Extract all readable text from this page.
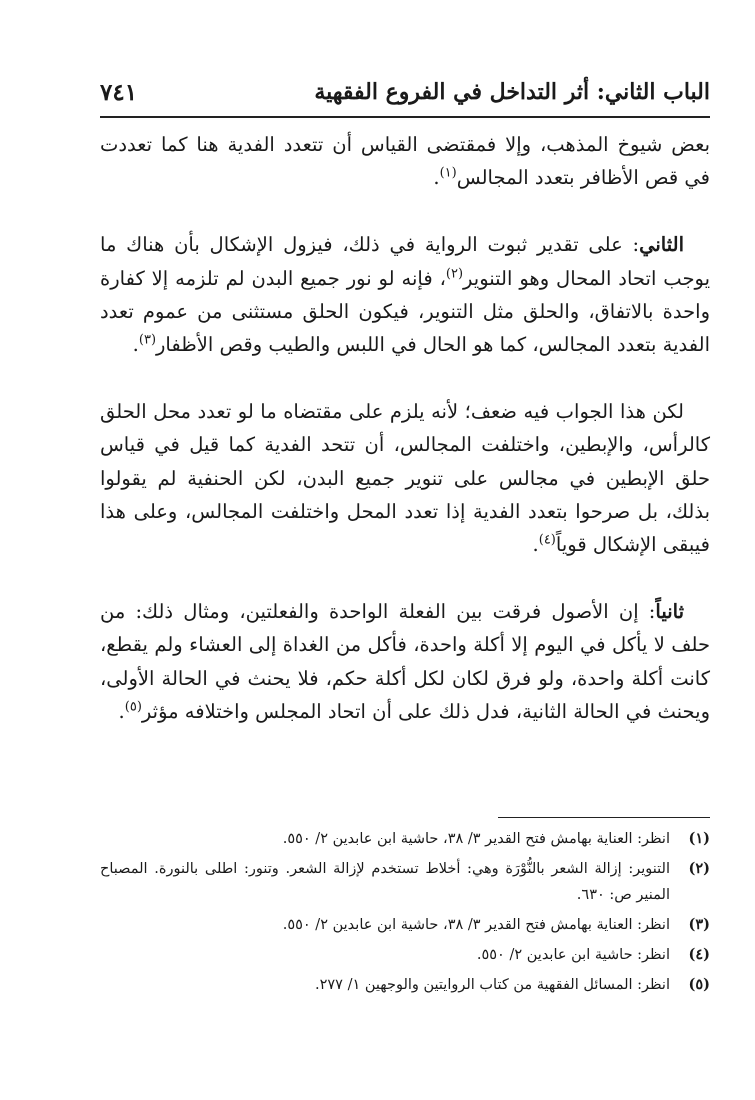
الباب الثاني: أثر التداخل في الفروع الفقهية
٧٤١

بعض شيوخ المذهب، وإلا فمقتضى القياس أن تتعدد الفدية هنا كما تعددت في قص الأظافر بتعدد المجالس$^{(١)}$.

الثاني: على تقدير ثبوت الرواية في ذلك، فيزول الإشكال بأن هناك ما يوجب اتحاد المحال وهو التنوير$^{(٢)}$، فإنه لو نور جميع البدن لم تلزمه إلا كفارة واحدة بالاتفاق، والحلق مثل التنوير، فيكون الحلق مستثنى من عموم تعدد الفدية بتعدد المجالس، كما هو الحال في اللبس والطيب وقص الأظفار$^{(٣)}$.

لكن هذا الجواب فيه ضعف؛ لأنه يلزم على مقتضاه ما لو تعدد محل الحلق كالرأس، والإبطين، واختلفت المجالس، أن تتحد الفدية كما قيل في قياس حلق الإبطين في مجالس على تنوير جميع البدن، لكن الحنفية لم يقولوا بذلك، بل صرحوا بتعدد الفدية إذا تعدد المحل واختلفت المجالس، وعلى هذا فيبقى الإشكال قوياً$^{(٤)}$.

ثانياً: إن الأصول فرقت بين الفعلة الواحدة والفعلتين، ومثال ذلك: من حلف لا يأكل في اليوم إلا أكلة واحدة، فأكل من الغداة إلى العشاء ولم يقطع، كانت أكلة واحدة، ولو فرق لكان لكل أكلة حكم، فلا يحنث في الحالة الأولى، ويحنث في الحالة الثانية، فدل ذلك على أن اتحاد المجلس واختلافه مؤثر$^{(٥)}$.

(١)
انظر: العناية بهامش فتح القدير ٣/ ٣٨، حاشية ابن عابدين ٢/ ٥٥٠.
(٢)
التنوير: إزالة الشعر بالنُّوْرَة وهي: أخلاط تستخدم لإزالة الشعر. وتنور: اطلى بالنورة. المصباح المنير ص: ٦٣٠.
(٣)
انظر: العناية بهامش فتح القدير ٣/ ٣٨، حاشية ابن عابدين ٢/ ٥٥٠.
(٤)
انظر: حاشية ابن عابدين ٢/ ٥٥٠.
(٥)
انظر: المسائل الفقهية من كتاب الروايتين والوجهين ١/ ٢٧٧.
